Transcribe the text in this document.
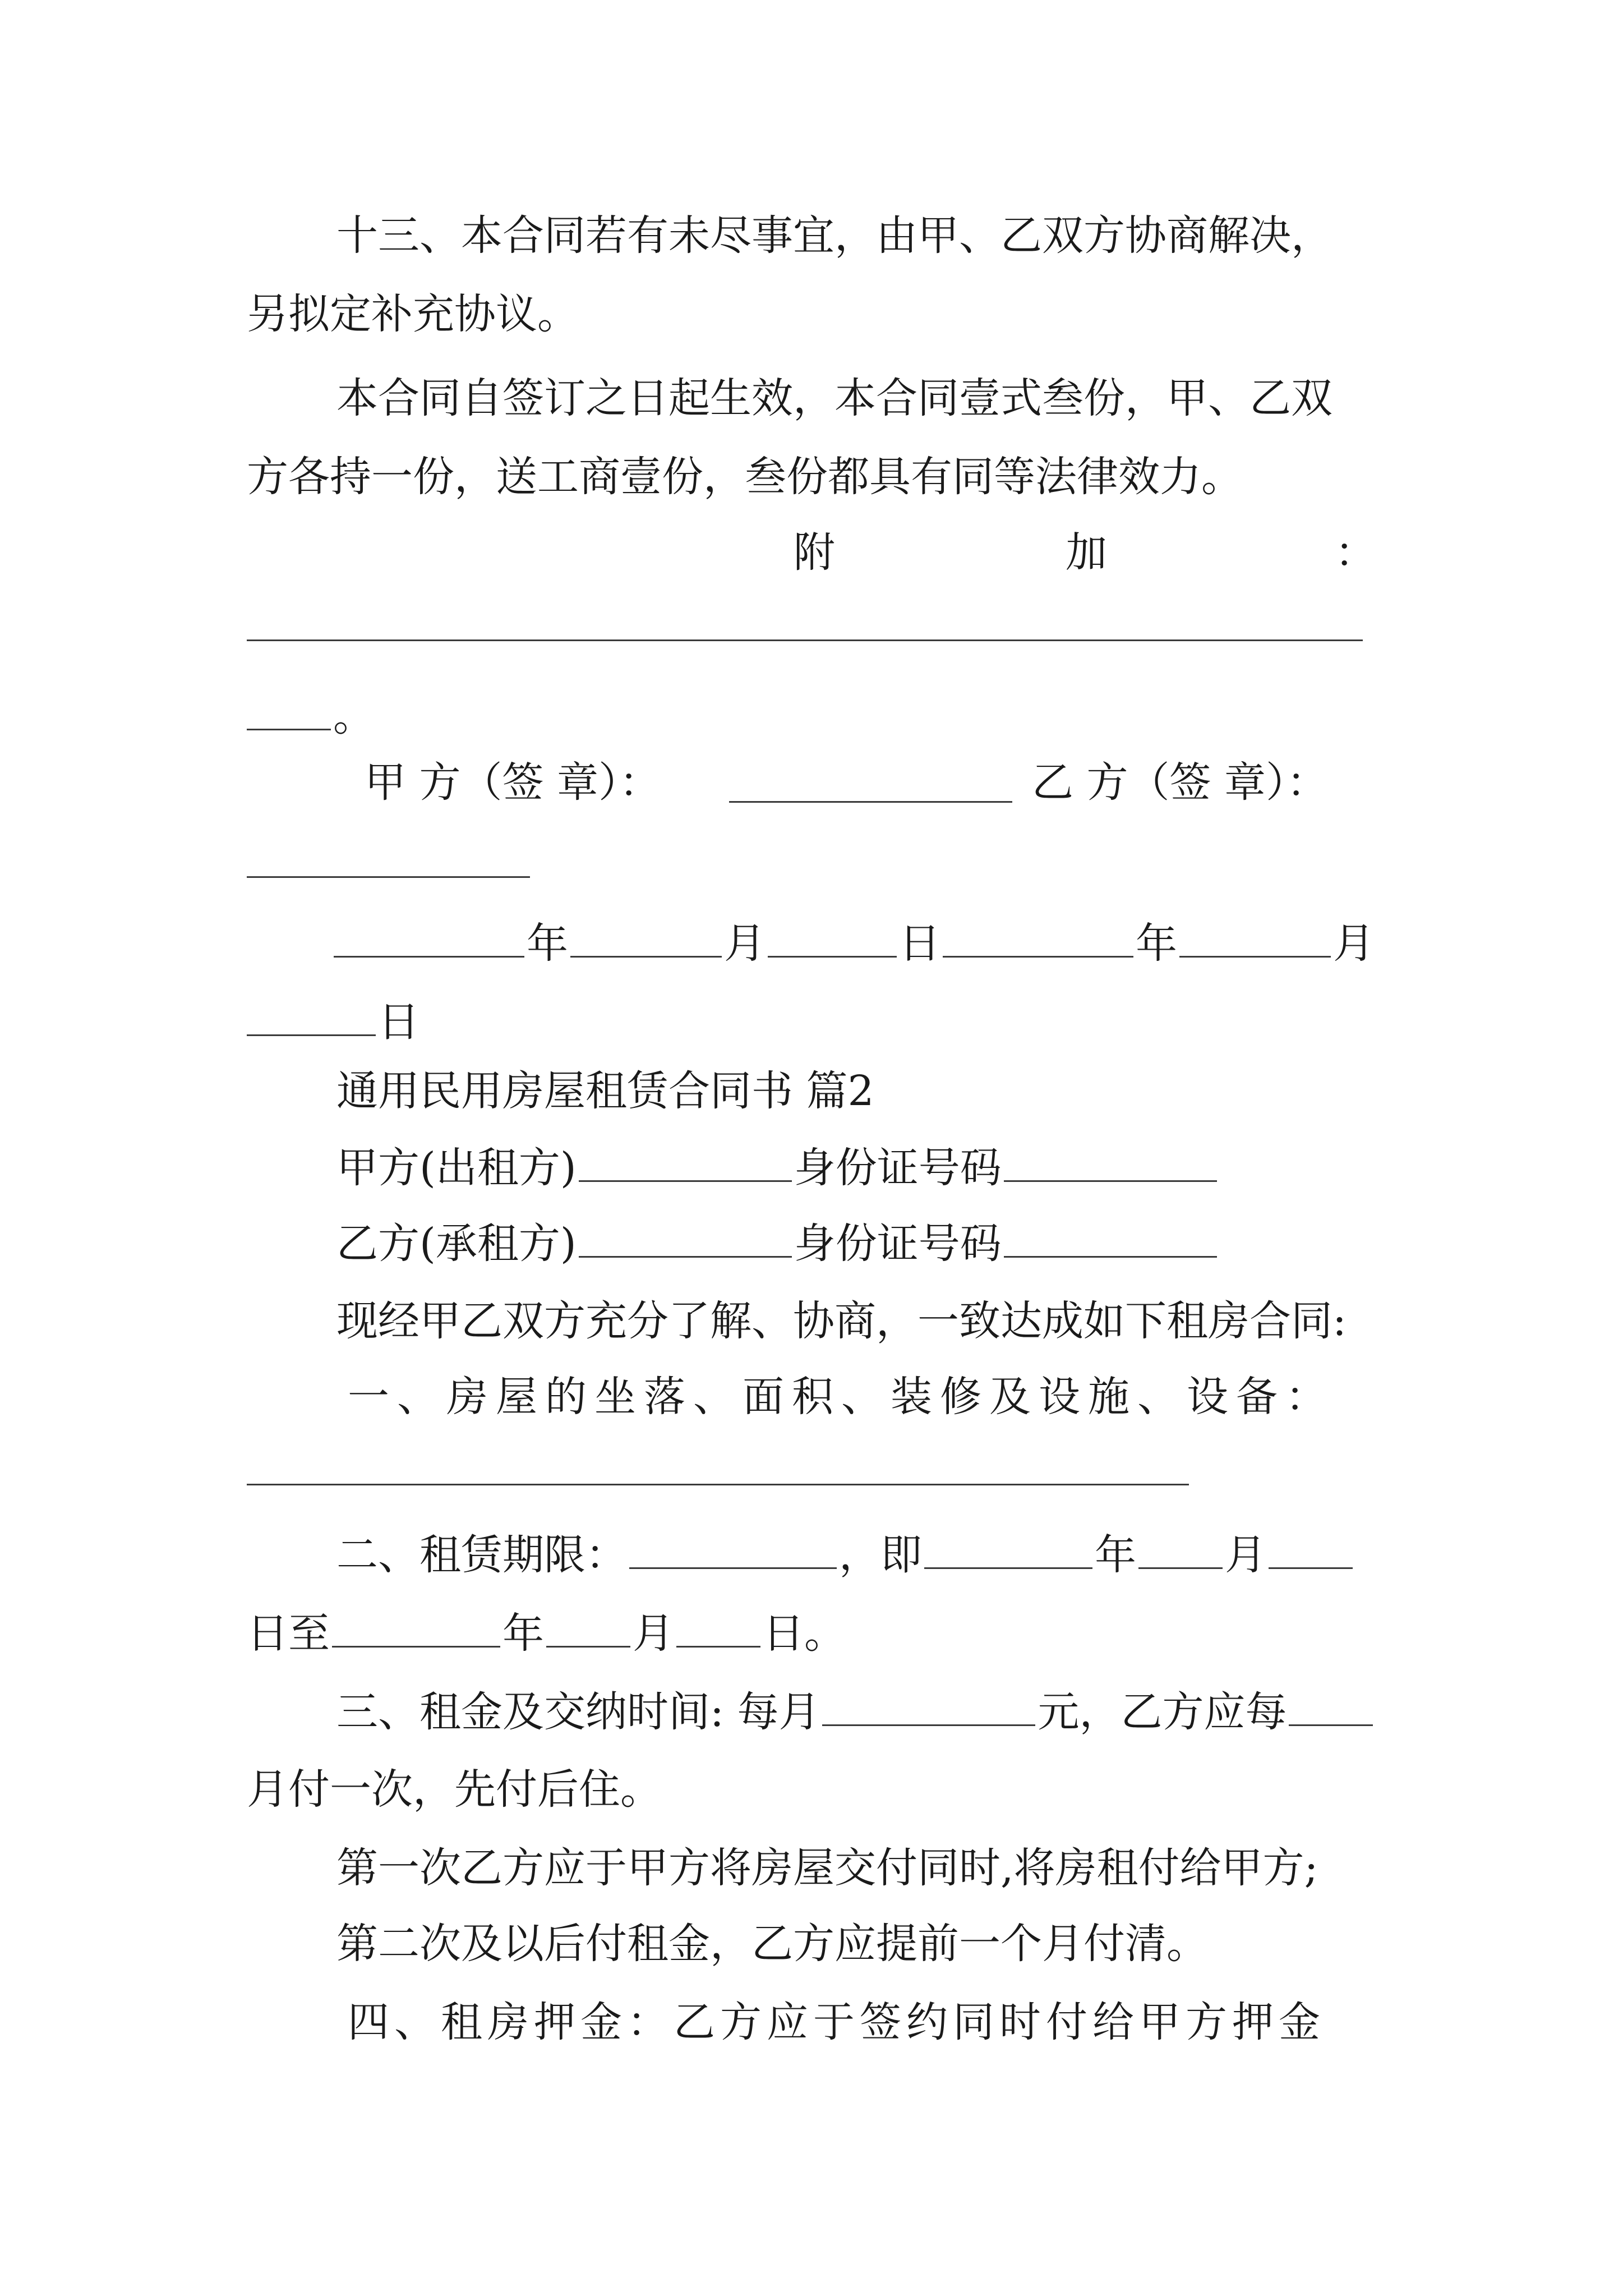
十三、本合同若有未尽事宜，由甲、乙双方协商解决，
另拟定补充协议。
本合同自签订之日起生效，本合同壹式叁份，甲、乙双
方各持一份，送工商壹份，叁份都具有同等法律效力。
附	加	：
。
甲 方（签 章）：	乙 方（签 章）：
年	月	日	年	月
日
通用民用房屋租赁合同书 篇2
甲方(出租方)	身份证号码
乙方(承租方)	身份证号码
现经甲乙双方充分了解、协商，一致达成如下租房合同:
一、房屋的坐落、面积、装修及设施、设备：
二、租赁期限：	，即	年 月
日至	年 月 日。
三、租金及交纳时间: 每月	元，乙方应每
月付一次，先付后住。
第一次乙方应于甲方将房屋交付同时,将房租付给甲方;
第二次及以后付租金，乙方应提前一个月付清。
四、租房押金：乙方应于签约同时付给甲方押金
